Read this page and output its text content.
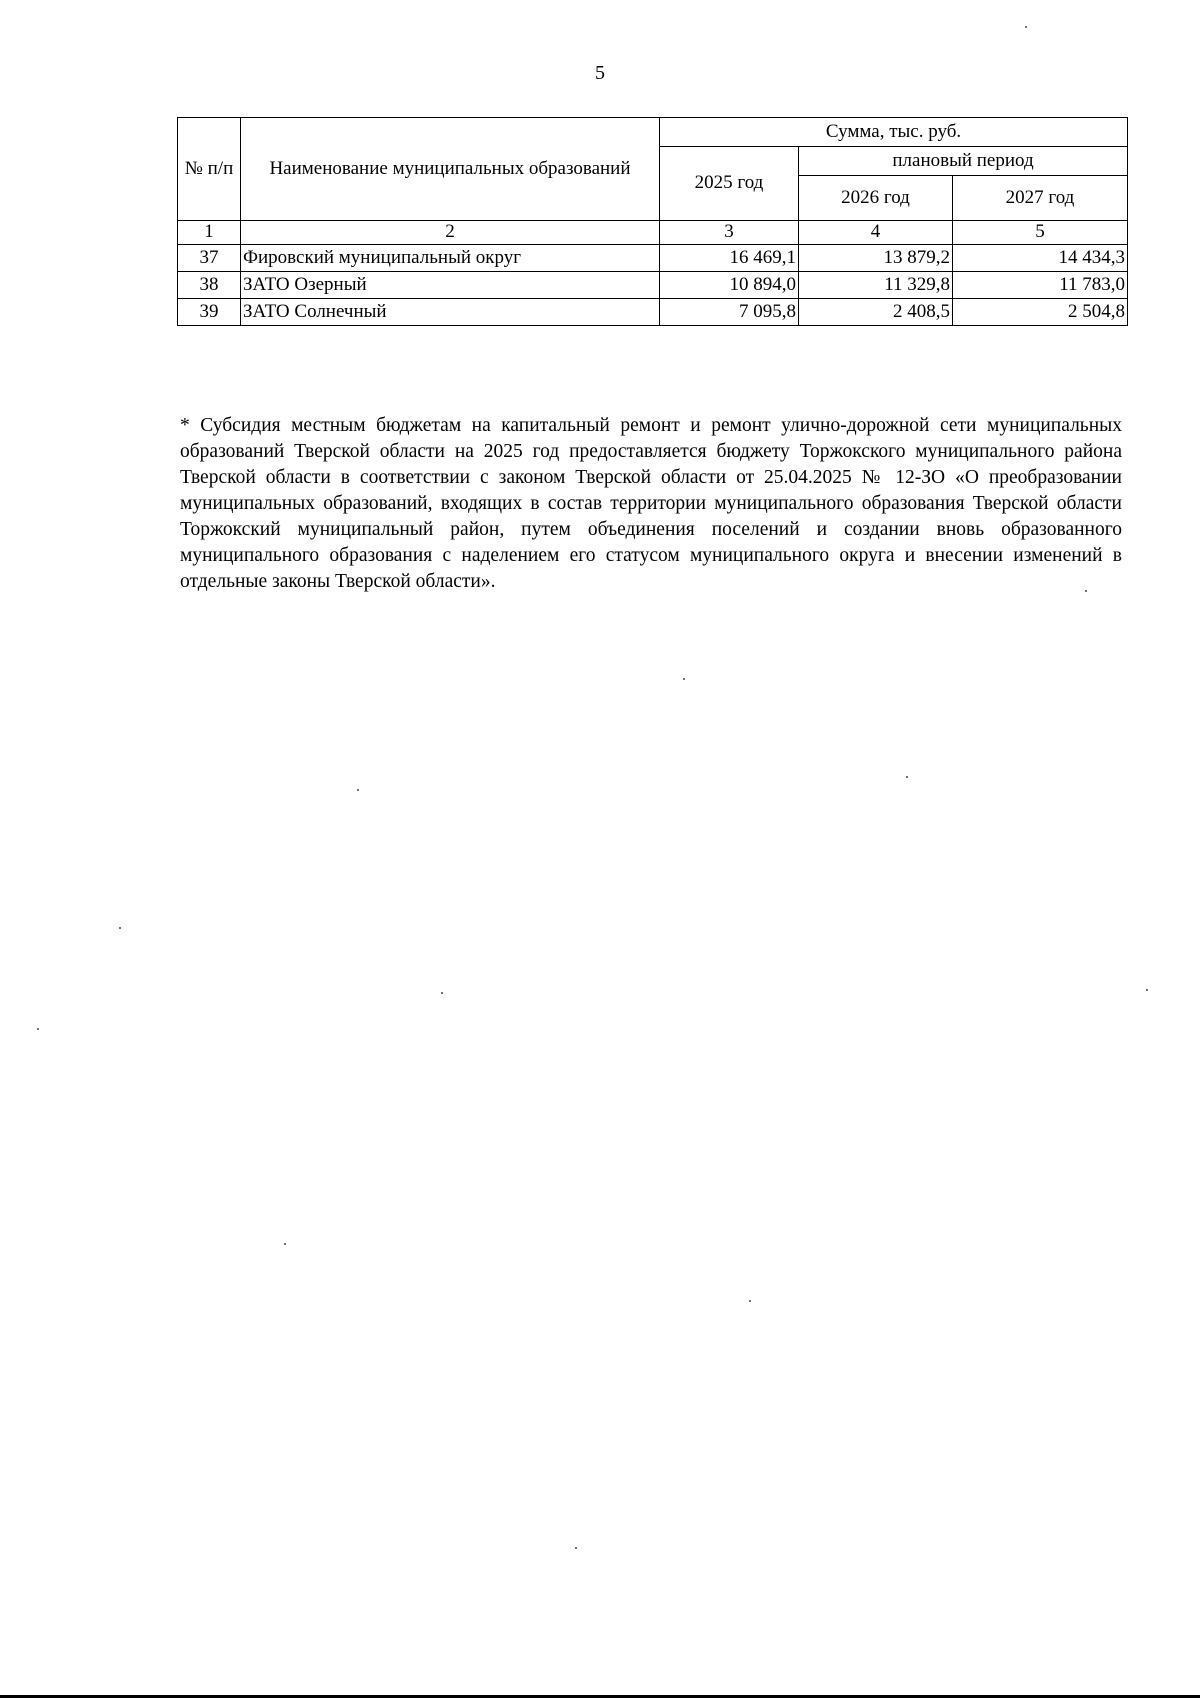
5
№ п/п	Наименование муниципальных образований	Сумма, тыс. руб.		
		2025 год	плановый период	
			2026 год	2027 год
1	2	3	4	5
37	Фировский муниципальный округ	16 469,1	13 879,2	14 434,3
38	ЗАТО Озерный	10 894,0	11 329,8	11 783,0
39	ЗАТО Солнечный	7 095,8	2 408,5	2 504,8

* Субсидия местным бюджетам на капитальный ремонт и ремонт улично-дорожной сети муниципальных образований Тверской области на 2025 год предоставляется бюджету Торжокского муниципального района Тверской области в соответствии с законом Тверской области от 25.04.2025 № 12-ЗО «О преобразовании муниципальных образований, входящих в состав территории муниципального образования Тверской области Торжокский муниципальный район, путем объединения поселений и создании вновь образованного муниципального образования с наделением его статусом муниципального округа и внесении изменений в отдельные законы Тверской области».
